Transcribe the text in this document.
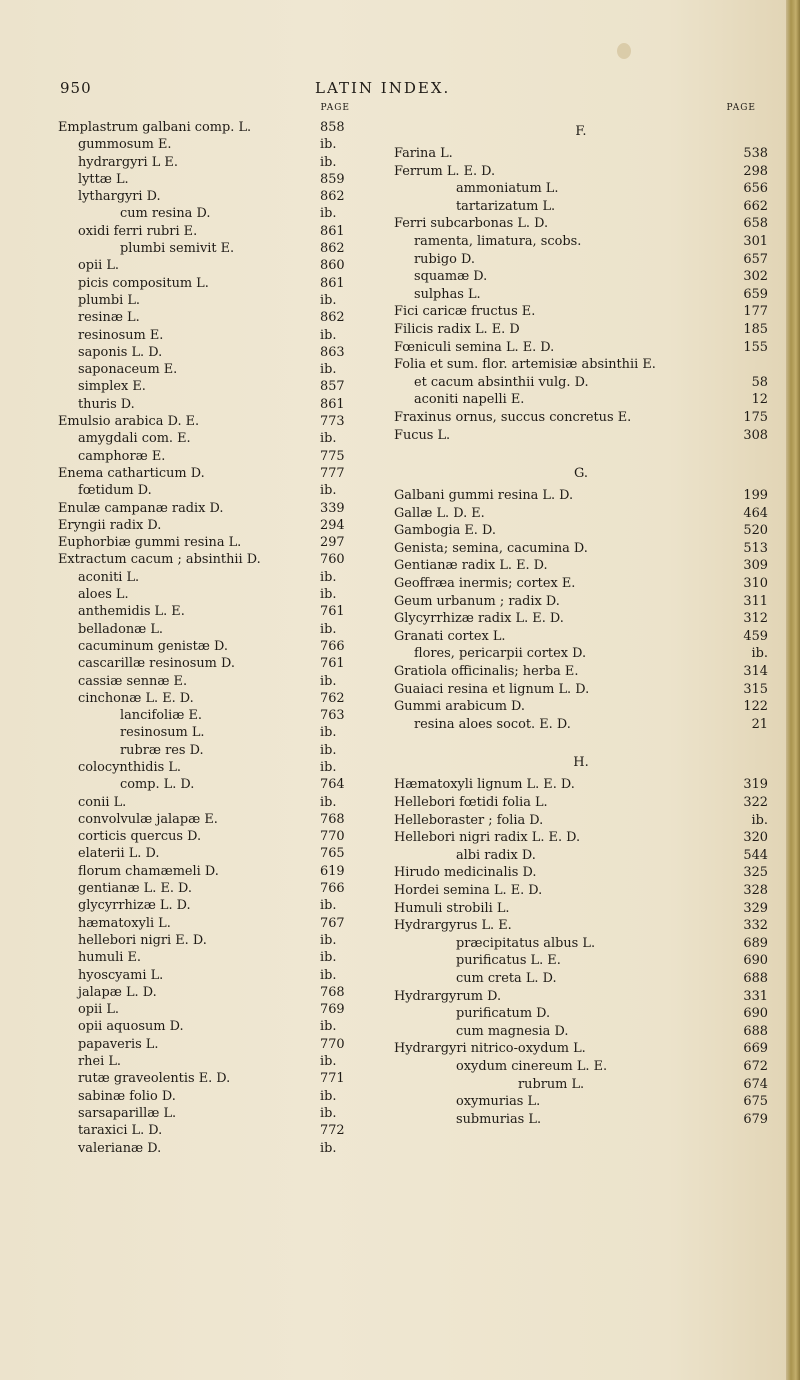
950	LATIN INDEX.
PAGE
Emplastrum galbani comp. L.	858
gummosum E.	ib.
hydrargyri L E.	ib.
lyttæ L.	859
lythargyri D.	862
cum resina D.	ib.
oxidi ferri rubri E.	861
plumbi semivit E.	862
opii L.	860
picis compositum L.	861
plumbi L.	ib.
resinæ L.	862
resinosum E.	ib.
saponis L. D.	863
saponaceum E.	ib.
simplex E.	857
thuris D.	861
Emulsio arabica D. E.	773
amygdali com. E.	ib.
camphoræ E.	775
Enema catharticum D.	777
fœtidum D.	ib.
Enulæ campanæ radix D.	339
Eryngii radix D.	294
Euphorbiæ gummi resina L.	297
Extractum cacum ; absinthii D.	760
aconiti L.	ib.
aloes L.	ib.
anthemidis L. E.	761
belladonæ L.	ib.
cacuminum genistæ D.	766
cascarillæ resinosum D.	761
cassiæ sennæ E.	ib.
cinchonæ L. E. D.	762
lancifoliæ E.	763
resinosum L.	ib.
rubræ res D.	ib.
colocynthidis L.	ib.
comp. L. D.	764
conii L.	ib.
convolvulæ jalapæ E.	768
corticis quercus D.	770
elaterii L. D.	765
florum chamæmeli D.	619
gentianæ L. E. D.	766
glycyrrhizæ L. D.	ib.
hæmatoxyli L.	767
hellebori nigri E. D.	ib.
humuli E.	ib.
hyoscyami L.	ib.
jalapæ L. D.	768
opii L.	769
opii aquosum D.	ib.
papaveris L.	770
rhei L.	ib.
rutæ graveolentis E. D.	771
sabinæ folio D.	ib.
sarsaparillæ L.	ib.
taraxici L. D.	772
valerianæ D.	ib.
PAGE
F.
Farina L.	538
Ferrum L. E. D.	298
ammoniatum L.	656
tartarizatum L.	662
Ferri subcarbonas L. D.	658
ramenta, limatura, scobs.	301
rubigo D.	657
squamæ D.	302
sulphas L.	659
Fici caricæ fructus E.	177
Filicis radix L. E. D	185
Fœniculi semina L. E. D.	155
Folia et sum. flor. artemisiæ absinthii E.
et cacum absinthii vulg. D.	58
aconiti napelli E.	12
Fraxinus ornus, succus concretus E.	175
Fucus L.	308
G.
Galbani gummi resina L. D.	199
Gallæ L. D. E.	464
Gambogia E. D.	520
Genista; semina, cacumina D.	513
Gentianæ radix L. E. D.	309
Geoffræa inermis; cortex E.	310
Geum urbanum ; radix D.	311
Glycyrrhizæ radix L. E. D.	312
Granati cortex L.	459
flores, pericarpii cortex D.	ib.
Gratiola officinalis; herba E.	314
Guaiaci resina et lignum L. D.	315
Gummi arabicum D.	122
resina aloes socot. E. D.	21
H.
Hæmatoxyli lignum L. E. D.	319
Hellebori fœtidi folia L.	322
Helleboraster ; folia D.	ib.
Hellebori nigri radix L. E. D.	320
albi radix D.	544
Hirudo medicinalis D.	325
Hordei semina L. E. D.	328
Humuli strobili L.	329
Hydrargyrus L. E.	332
præcipitatus albus L.	689
purificatus L. E.	690
cum creta L. D.	688
Hydrargyrum D.	331
purificatum D.	690
cum magnesia D.	688
Hydrargyri nitrico-oxydum L.	669
oxydum cinereum L. E.	672
rubrum L.	674
oxymurias L.	675
submurias L.	679
